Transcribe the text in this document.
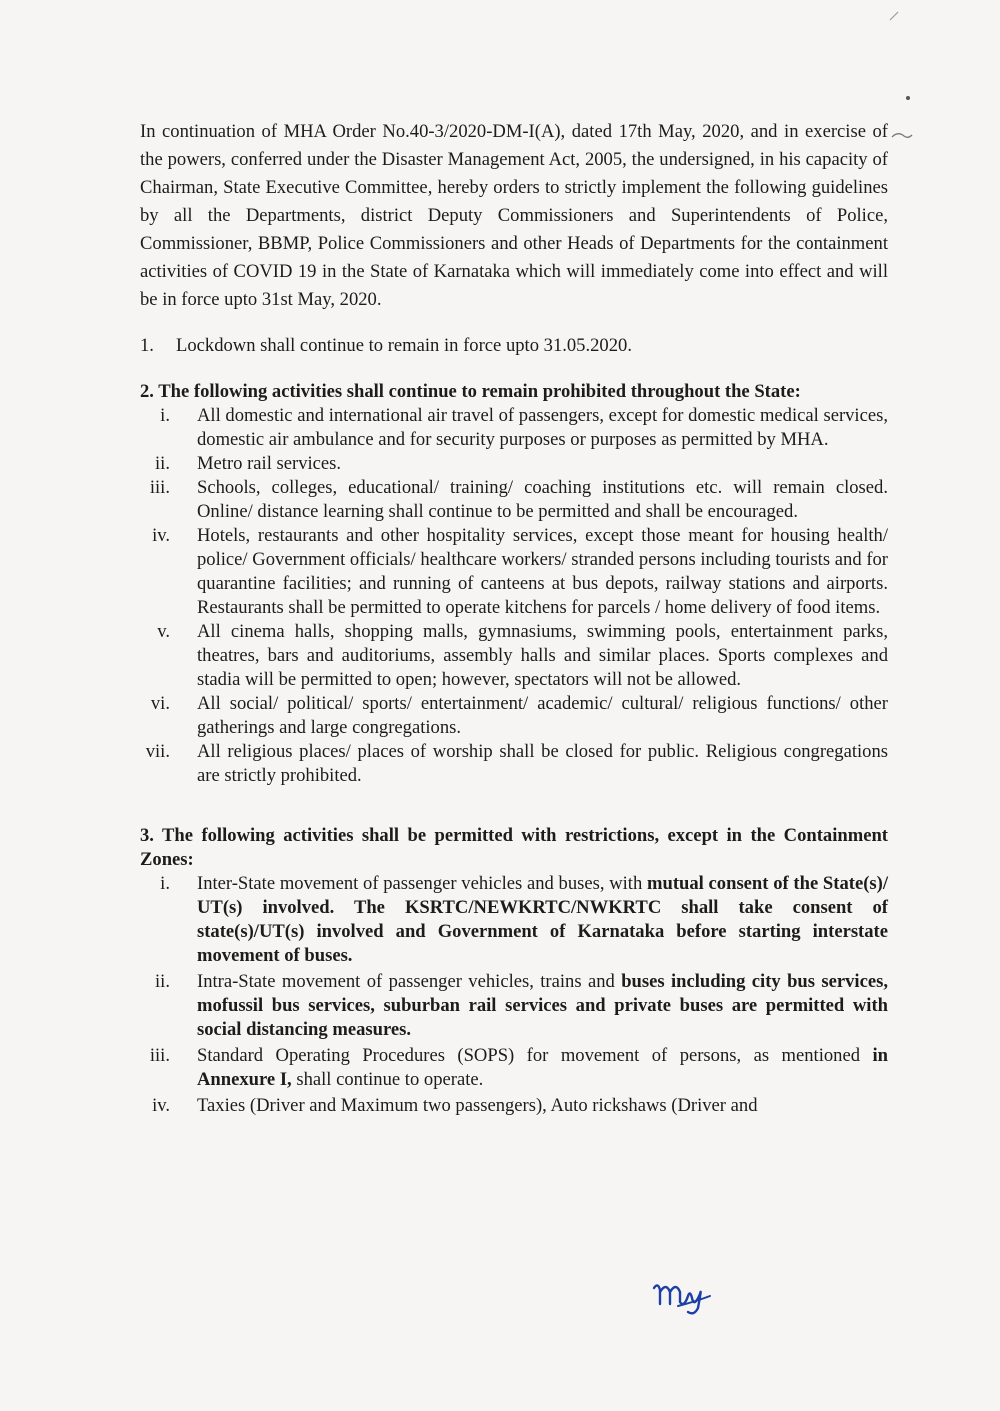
In continuation of MHA Order No.40-3/2020-DM-I(A), dated 17th May, 2020, and in exercise of the powers, conferred under the Disaster Management Act, 2005, the undersigned, in his capacity of Chairman, State Executive Committee, hereby orders to strictly implement the following guidelines by all the Departments, district Deputy Commissioners and Superintendents of Police, Commissioner, BBMP, Police Commissioners and other Heads of Departments for the containment activities of COVID 19 in the State of Karnataka which will immediately come into effect and will be in force upto 31st May, 2020.

1. Lockdown shall continue to remain in force upto 31.05.2020.

2. The following activities shall continue to remain prohibited throughout the State:

i. All domestic and international air travel of passengers, except for domestic medical services, domestic air ambulance and for security purposes or purposes as permitted by MHA.
ii. Metro rail services.
iii. Schools, colleges, educational/ training/ coaching institutions etc. will remain closed. Online/ distance learning shall continue to be permitted and shall be encouraged.
iv. Hotels, restaurants and other hospitality services, except those meant for housing health/ police/ Government officials/ healthcare workers/ stranded persons including tourists and for quarantine facilities; and running of canteens at bus depots, railway stations and airports. Restaurants shall be permitted to operate kitchens for parcels / home delivery of food items.
v. All cinema halls, shopping malls, gymnasiums, swimming pools, entertainment parks, theatres, bars and auditoriums, assembly halls and similar places. Sports complexes and stadia will be permitted to open; however, spectators will not be allowed.
vi. All social/ political/ sports/ entertainment/ academic/ cultural/ religious functions/ other gatherings and large congregations.
vii. All religious places/ places of worship shall be closed for public. Religious congregations are strictly prohibited.

3. The following activities shall be permitted with restrictions, except in the Containment Zones:

i. Inter-State movement of passenger vehicles and buses, with mutual consent of the State(s)/ UT(s) involved. The KSRTC/NEWKRTC/NWKRTC shall take consent of state(s)/UT(s) involved and Government of Karnataka before starting interstate movement of buses.
ii. Intra-State movement of passenger vehicles, trains and buses including city bus services, mofussil bus services, suburban rail services and private buses are permitted with social distancing measures.
iii. Standard Operating Procedures (SOPS) for movement of persons, as mentioned in Annexure I, shall continue to operate.
iv. Taxies (Driver and Maximum two passengers), Auto rickshaws (Driver and
